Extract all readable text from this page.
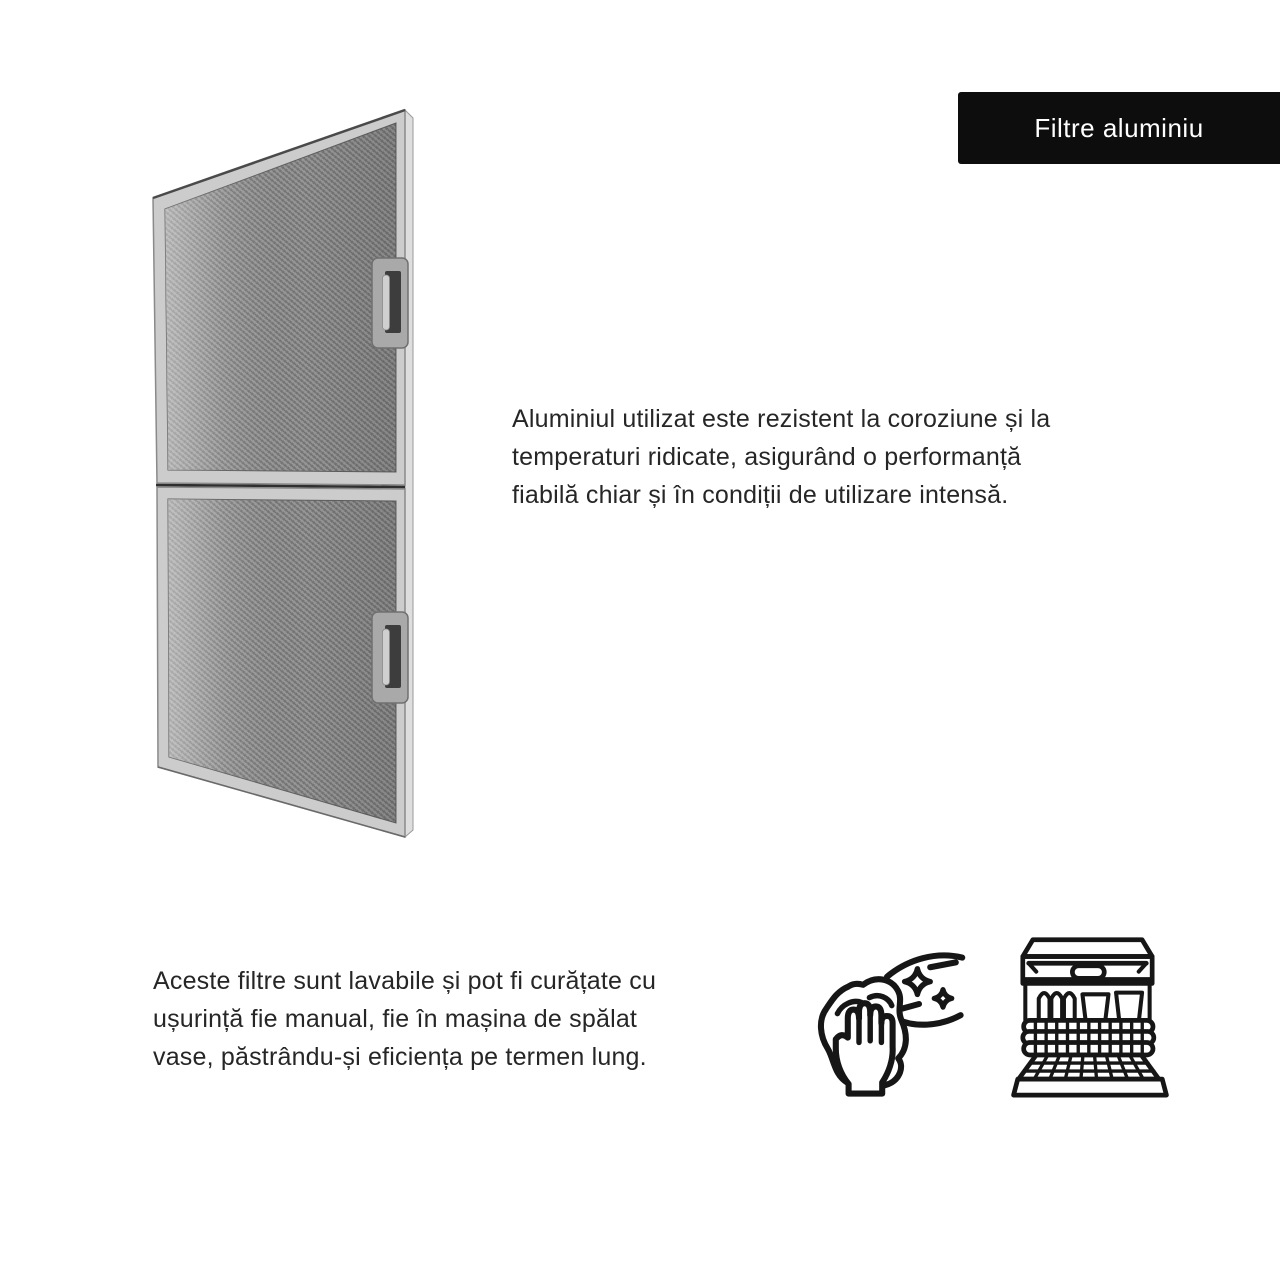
Filtre aluminiu
Aluminiul utilizat este rezistent la coroziune și la
temperaturi ridicate, asigurând o performanță
fiabilă chiar și în condiții de utilizare intensă.
Aceste filtre sunt lavabile și pot fi curățate cu
ușurință fie manual, fie în mașina de spălat
vase, păstrându-și eficiența pe termen lung.
